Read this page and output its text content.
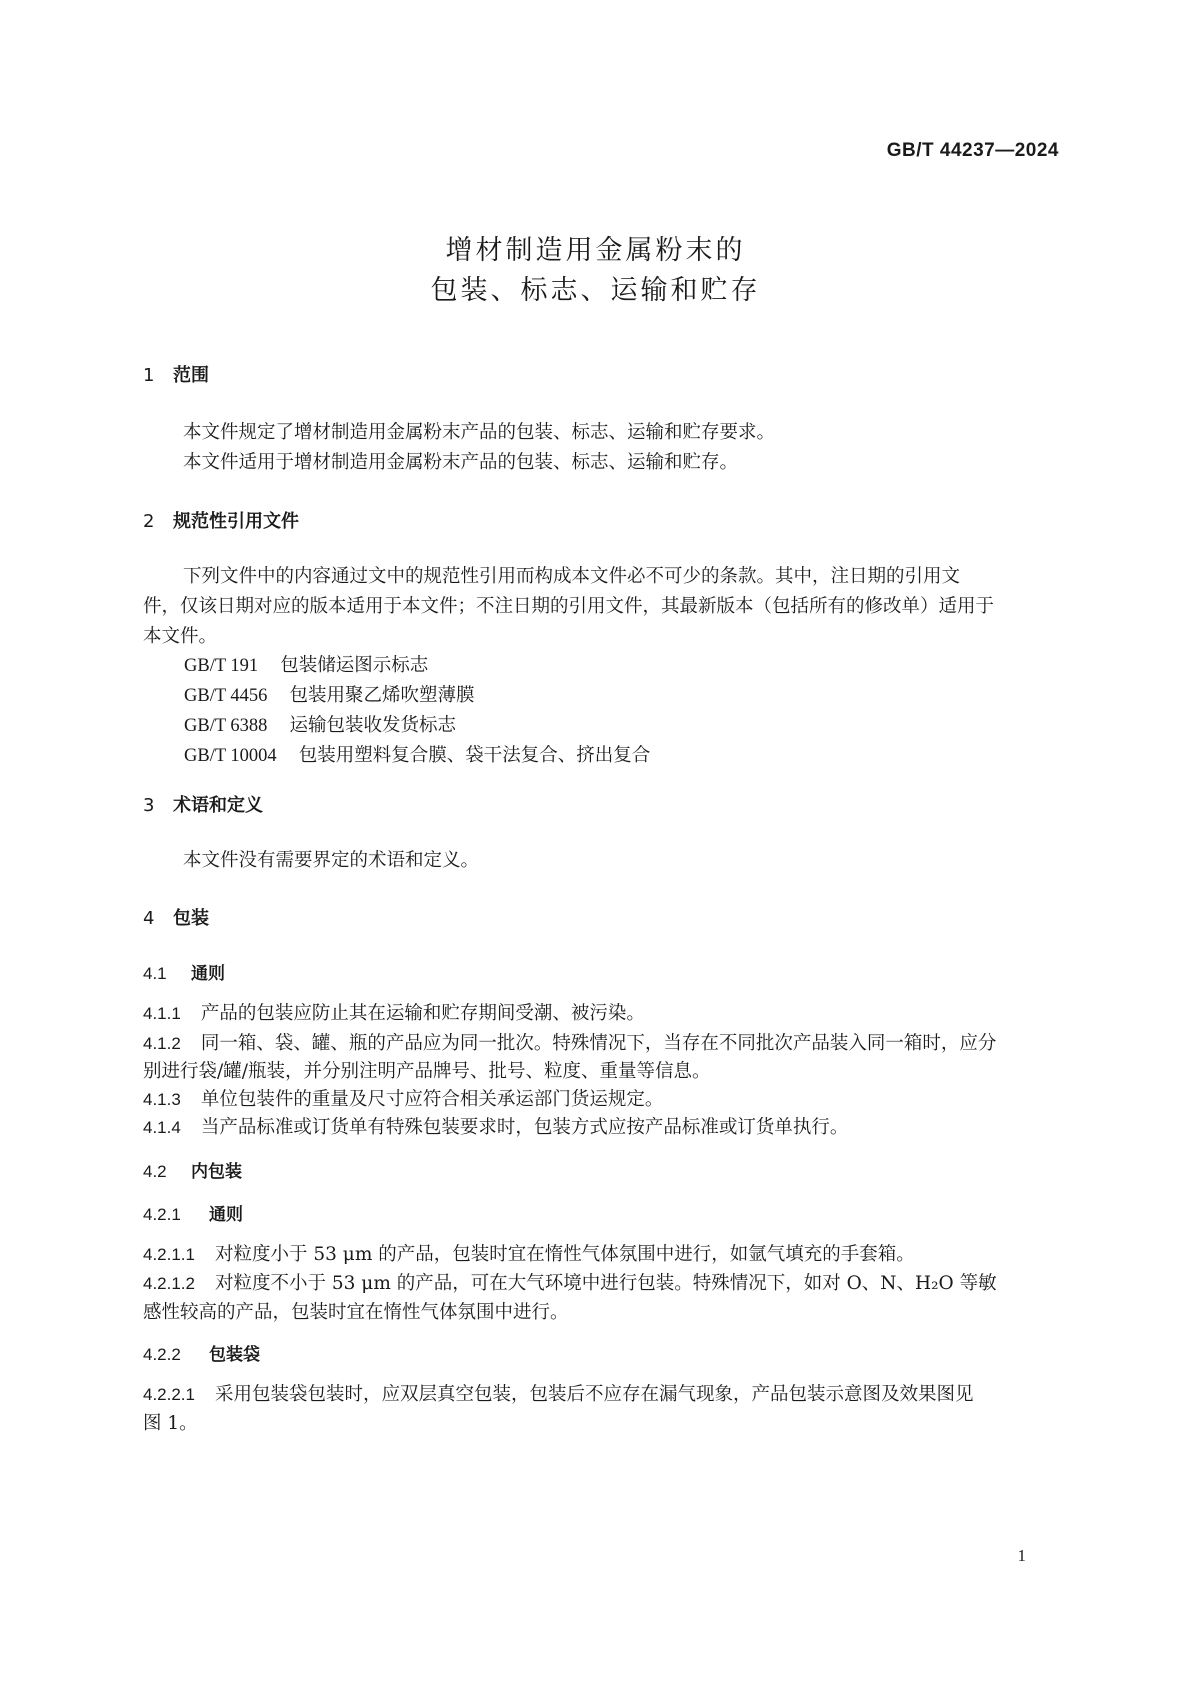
GB/T 44237—2024
增材制造用金属粉末的
包装、标志、运输和贮存
1 范围
本文件规定了增材制造用金属粉末产品的包装、标志、运输和贮存要求。
本文件适用于增材制造用金属粉末产品的包装、标志、运输和贮存。
2 规范性引用文件
下列文件中的内容通过文中的规范性引用而构成本文件必不可少的条款。其中，注日期的引用文
件，仅该日期对应的版本适用于本文件；不注日期的引用文件，其最新版本（包括所有的修改单）适用于
本文件。
GB/T 191 包装储运图示标志
GB/T 4456 包装用聚乙烯吹塑薄膜
GB/T 6388 运输包装收发货标志
GB/T 10004 包装用塑料复合膜、袋干法复合、挤出复合
3 术语和定义
本文件没有需要界定的术语和定义。
4 包装
4.1 通则
4.1.1 产品的包装应防止其在运输和贮存期间受潮、被污染。
4.1.2 同一箱、袋、罐、瓶的产品应为同一批次。特殊情况下，当存在不同批次产品装入同一箱时，应分
别进行袋/罐/瓶装，并分别注明产品牌号、批号、粒度、重量等信息。
4.1.3 单位包装件的重量及尺寸应符合相关承运部门货运规定。
4.1.4 当产品标准或订货单有特殊包装要求时，包装方式应按产品标准或订货单执行。
4.2 内包装
4.2.1 通则
4.2.1.1 对粒度小于 53 μm 的产品，包装时宜在惰性气体氛围中进行，如氩气填充的手套箱。
4.2.1.2 对粒度不小于 53 μm 的产品，可在大气环境中进行包装。特殊情况下，如对 O、N、H₂O 等敏
感性较高的产品，包装时宜在惰性气体氛围中进行。
4.2.2 包装袋
4.2.2.1 采用包装袋包装时，应双层真空包装，包装后不应存在漏气现象，产品包装示意图及效果图见
图 1。
1
